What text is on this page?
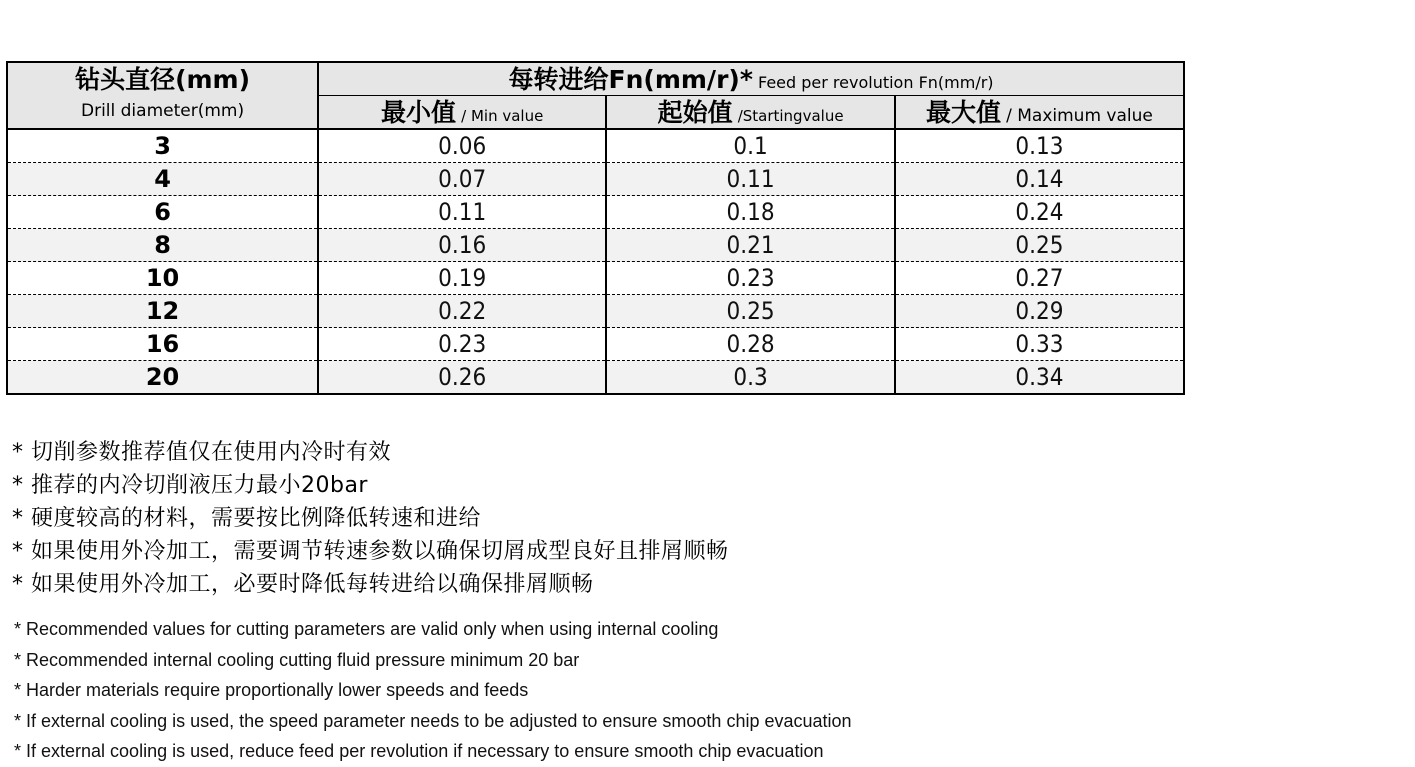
钻头直径(mm)	每转进给Fn(mm/r)* Feed per revolution Fn(mm/r)		
Drill diameter(mm)	最小值 / Min value	起始值 /Startingvalue	最大值 / Maximum value
3	0.06	0.1	0.13
4	0.07	0.11	0.14
6	0.11	0.18	0.24
8	0.16	0.21	0.25
10	0.19	0.23	0.27
12	0.22	0.25	0.29
16	0.23	0.28	0.33
20	0.26	0.3	0.34
* 切削参数推荐值仅在使用内冷时有效
* 推荐的内冷切削液压力最小20bar
* 硬度较高的材料，需要按比例降低转速和进给
* 如果使用外冷加工，需要调节转速参数以确保切屑成型良好且排屑顺畅
* 如果使用外冷加工，必要时降低每转进给以确保排屑顺畅
* Recommended values for cutting parameters are valid only when using internal cooling
* Recommended internal cooling cutting fluid pressure minimum 20 bar
* Harder materials require proportionally lower speeds and feeds
* If external cooling is used, the speed parameter needs to be adjusted to ensure smooth chip evacuation
* If external cooling is used, reduce feed per revolution if necessary to ensure smooth chip evacuation
